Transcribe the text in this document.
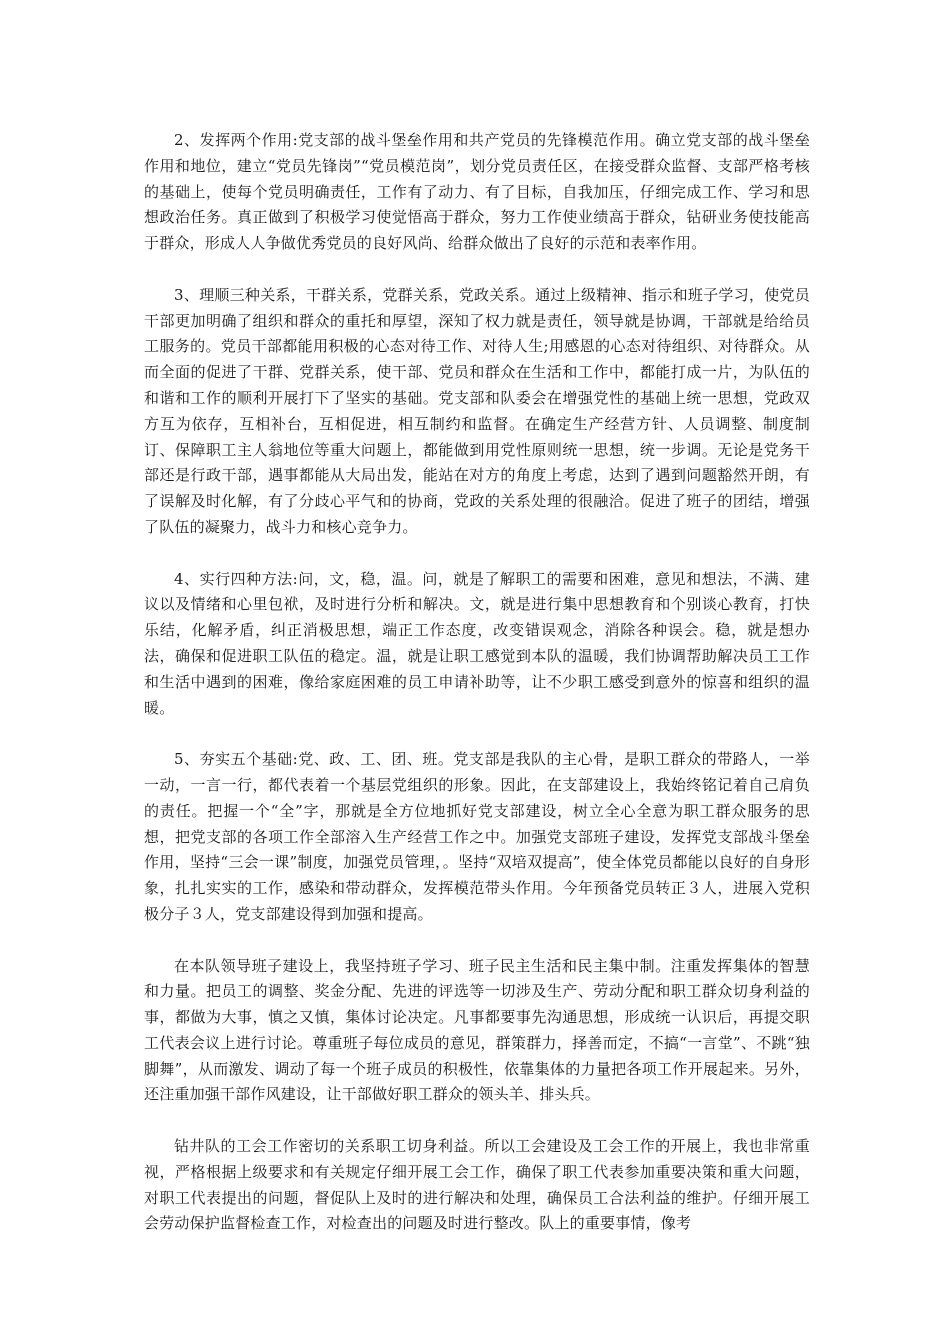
2、发挥两个作用:党支部的战斗堡垒作用和共产党员的先锋模范作用。确立党支部的战斗堡垒作用和地位，建立“党员先锋岗”“党员模范岗”，划分党员责任区，在接受群众监督、支部严格考核的基础上，使每个党员明确责任，工作有了动力、有了目标，自我加压，仔细完成工作、学习和思想政治任务。真正做到了积极学习使觉悟高于群众，努力工作使业绩高于群众，钻研业务使技能高于群众，形成人人争做优秀党员的良好风尚、给群众做出了良好的示范和表率作用。

3、理顺三种关系，干群关系，党群关系，党政关系。通过上级精神、指示和班子学习，使党员干部更加明确了组织和群众的重托和厚望，深知了权力就是责任，领导就是协调，干部就是给给员工服务的。党员干部都能用积极的心态对待工作、对待人生;用感恩的心态对待组织、对待群众。从而全面的促进了干群、党群关系，使干部、党员和群众在生活和工作中，都能打成一片，为队伍的和谐和工作的顺利开展打下了坚实的基础。党支部和队委会在增强党性的基础上统一思想，党政双方互为依存，互相补台，互相促进，相互制约和监督。在确定生产经营方针、人员调整、制度制订、保障职工主人翁地位等重大问题上，都能做到用党性原则统一思想，统一步调。无论是党务干部还是行政干部，遇事都能从大局出发，能站在对方的角度上考虑，达到了遇到问题豁然开朗，有了误解及时化解，有了分歧心平气和的协商，党政的关系处理的很融洽。促进了班子的团结，增强了队伍的凝聚力，战斗力和核心竞争力。

4、实行四种方法:问，文，稳，温。问，就是了解职工的需要和困难，意见和想法，不满、建议以及情绪和心里包袱，及时进行分析和解决。文，就是进行集中思想教育和个别谈心教育，打快乐结，化解矛盾，纠正消极思想，端正工作态度，改变错误观念，消除各种误会。稳，就是想办法，确保和促进职工队伍的稳定。温，就是让职工感觉到本队的温暖，我们协调帮助解决员工工作和生活中遇到的困难，像给家庭困难的员工申请补助等，让不少职工感受到意外的惊喜和组织的温暖。

5、夯实五个基础:党、政、工、团、班。党支部是我队的主心骨，是职工群众的带路人，一举一动，一言一行，都代表着一个基层党组织的形象。因此，在支部建设上，我始终铭记着自己肩负的责任。把握一个“全”字，那就是全方位地抓好党支部建设，树立全心全意为职工群众服务的思想，把党支部的各项工作全部溶入生产经营工作之中。加强党支部班子建设，发挥党支部战斗堡垒作用，坚持“三会一课”制度，加强党员管理，。坚持“双培双提高”，使全体党员都能以良好的自身形象，扎扎实实的工作，感染和带动群众，发挥模范带头作用。今年预备党员转正３人，进展入党积极分子３人，党支部建设得到加强和提高。

在本队领导班子建设上，我坚持班子学习、班子民主生活和民主集中制。注重发挥集体的智慧和力量。把员工的调整、奖金分配、先进的评选等一切涉及生产、劳动分配和职工群众切身利益的事，都做为大事，慎之又慎，集体讨论决定。凡事都要事先沟通思想，形成统一认识后，再提交职工代表会议上进行讨论。尊重班子每位成员的意见，群策群力，择善而定，不搞“一言堂”、不跳“独脚舞”，从而激发、调动了每一个班子成员的积极性，依靠集体的力量把各项工作开展起来。另外，还注重加强干部作风建设，让干部做好职工群众的领头羊、排头兵。

钻井队的工会工作密切的关系职工切身利益。所以工会建设及工会工作的开展上，我也非常重视，严格根据上级要求和有关规定仔细开展工会工作，确保了职工代表参加重要决策和重大问题，对职工代表提出的问题，督促队上及时的进行解决和处理，确保员工合法利益的维护。仔细开展工会劳动保护监督检查工作，对检查出的问题及时进行整改。队上的重要事情，像考
